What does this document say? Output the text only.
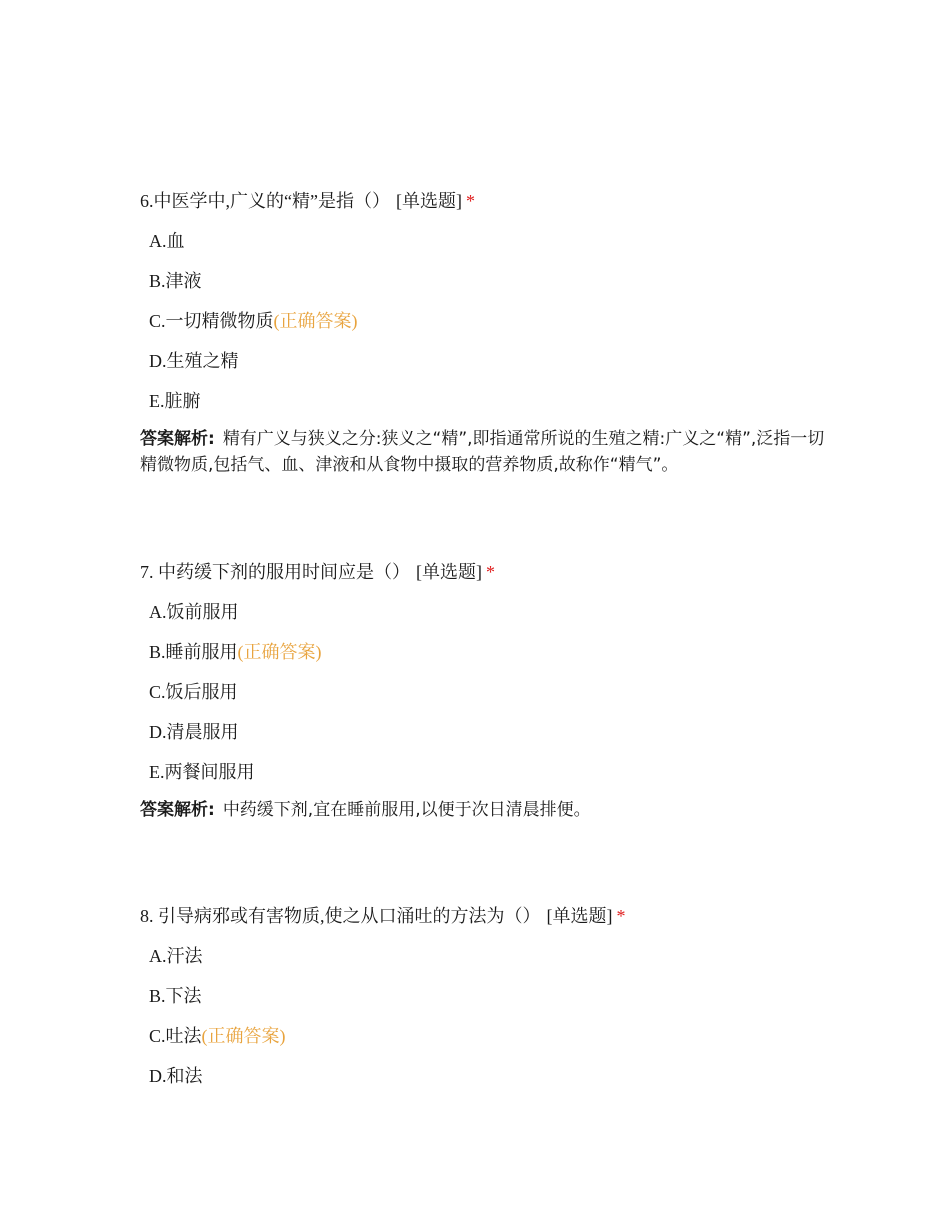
6.中医学中,广义的“精”是指（） [单选题] *
A.血
B.津液
C.一切精微物质(正确答案)
D.生殖之精
E.脏腑
答案解析: 精有广义与狭义之分:狭义之“精”,即指通常所说的生殖之精:广义之“精”,泛指一切精微物质,包括气、血、津液和从食物中摄取的营养物质,故称作“精气”。
7. 中药缓下剂的服用时间应是（） [单选题] *
A.饭前服用
B.睡前服用(正确答案)
C.饭后服用
D.清晨服用
E.两餐间服用
答案解析: 中药缓下剂,宜在睡前服用,以便于次日清晨排便。
8. 引导病邪或有害物质,使之从口涌吐的方法为（） [单选题] *
A.汗法
B.下法
C.吐法(正确答案)
D.和法
